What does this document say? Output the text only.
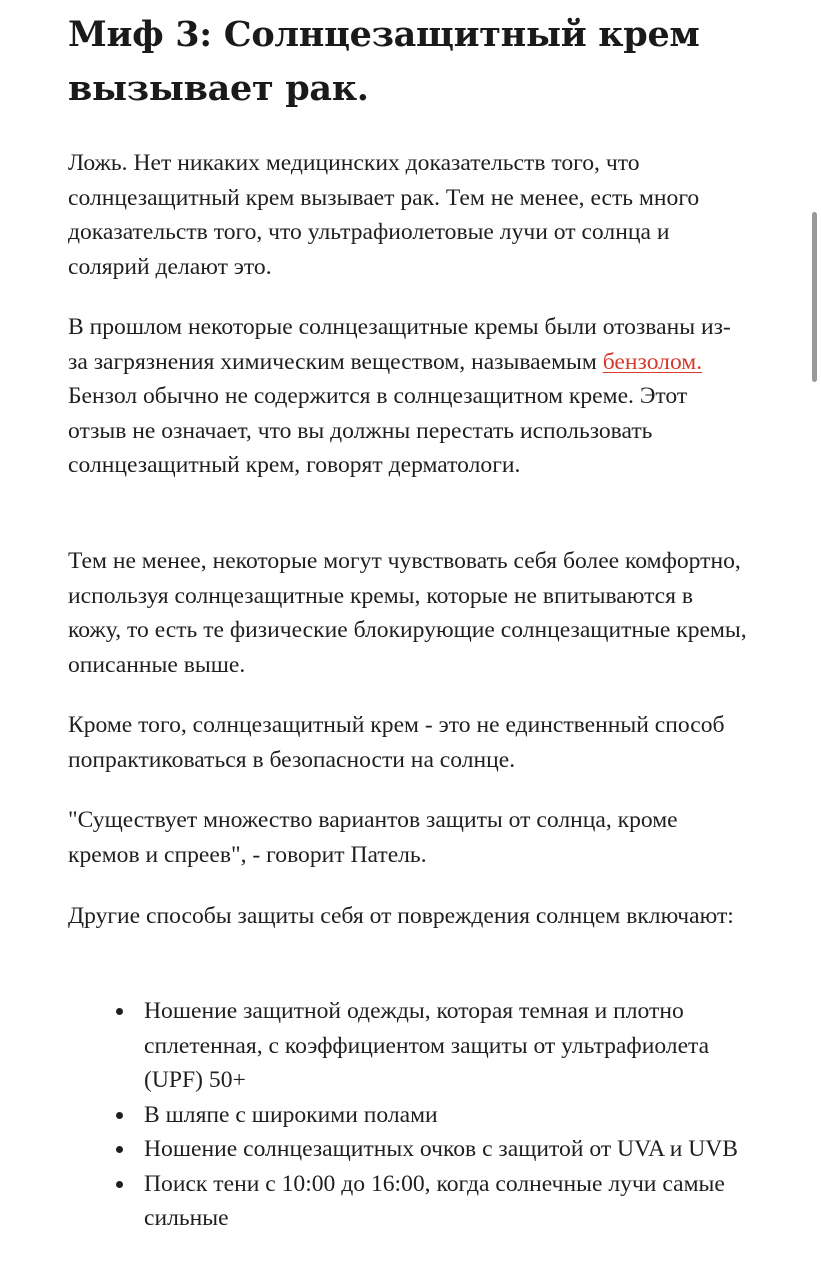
Миф 3: Солнцезащитный крем вызывает рак.

Ложь. Нет никаких медицинских доказательств того, что солнцезащитный крем вызывает рак. Тем не менее, есть много доказательств того, что ультрафиолетовые лучи от солнца и солярий делают это.

В прошлом некоторые солнцезащитные кремы были отозваны из-за загрязнения химическим веществом, называемым бензолом. Бензол обычно не содержится в солнцезащитном креме. Этот отзыв не означает, что вы должны перестать использовать солнцезащитный крем, говорят дерматологи.

Тем не менее, некоторые могут чувствовать себя более комфортно, используя солнцезащитные кремы, которые не впитываются в кожу, то есть те физические блокирующие солнцезащитные кремы, описанные выше.

Кроме того, солнцезащитный крем - это не единственный способ попрактиковаться в безопасности на солнце.

"Существует множество вариантов защиты от солнца, кроме кремов и спреев", - говорит Патель.

Другие способы защиты себя от повреждения солнцем включают:

Ношение защитной одежды, которая темная и плотно сплетенная, с коэффициентом защиты от ультрафиолета (UPF) 50+
В шляпе с широкими полами
Ношение солнцезащитных очков с защитой от UVA и UVB
Поиск тени с 10:00 до 16:00, когда солнечные лучи самые сильные
